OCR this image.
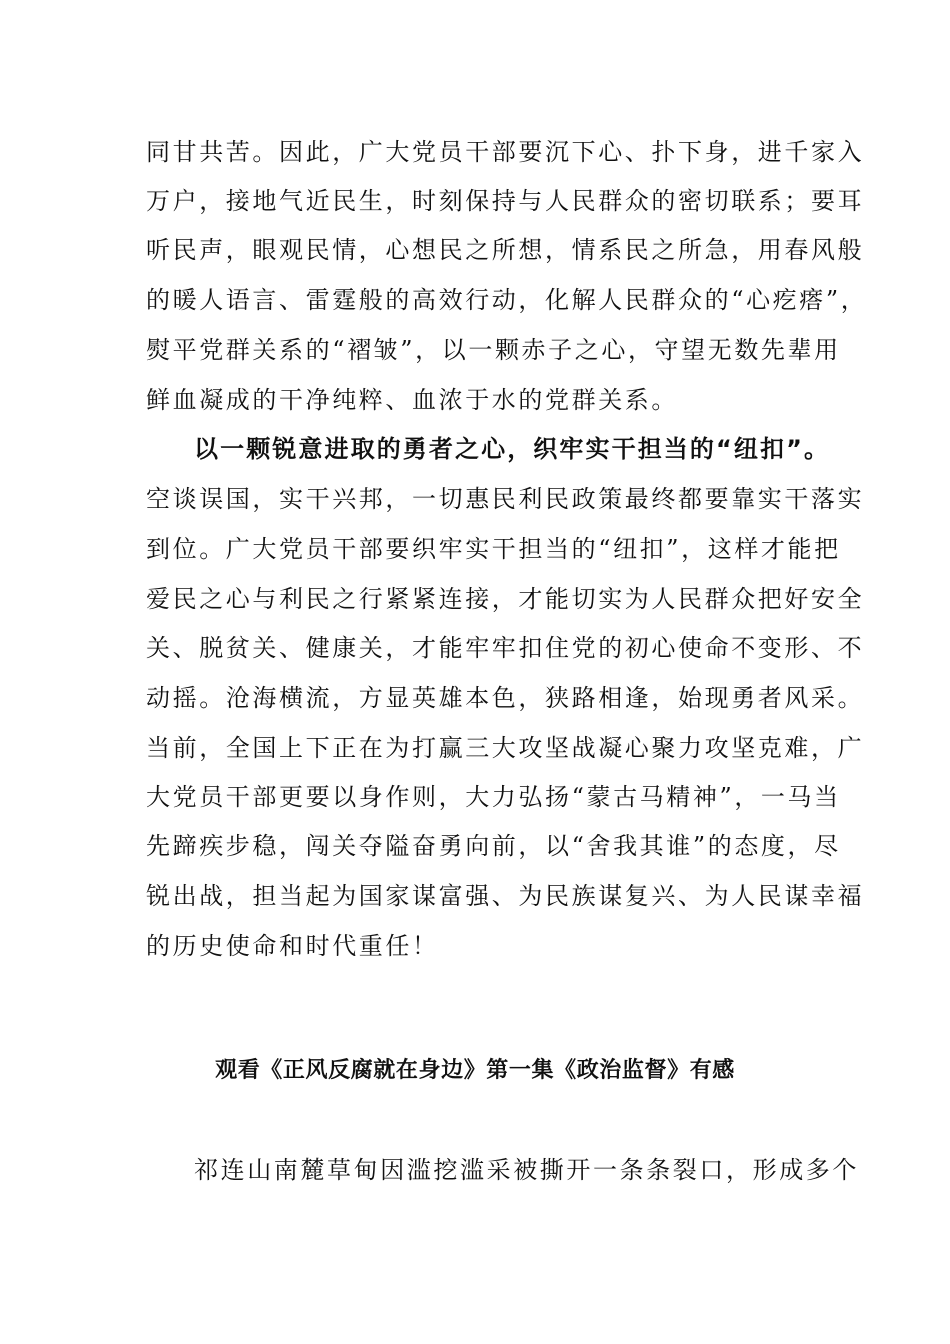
同甘共苦。因此，广大党员干部要沉下心、扑下身，进千家入
万户，接地气近民生，时刻保持与人民群众的密切联系；要耳
听民声，眼观民情，心想民之所想，情系民之所急，用春风般
的暖人语言、雷霆般的高效行动，化解人民群众的“心疙瘩”，
熨平党群关系的“褶皱”，以一颗赤子之心，守望无数先辈用
鲜血凝成的干净纯粹、血浓于水的党群关系。
以一颗锐意进取的勇者之心，织牢实干担当的“纽扣”。
空谈误国，实干兴邦，一切惠民利民政策最终都要靠实干落实
到位。广大党员干部要织牢实干担当的“纽扣”，这样才能把
爱民之心与利民之行紧紧连接，才能切实为人民群众把好安全
关、脱贫关、健康关，才能牢牢扣住党的初心使命不变形、不
动摇。沧海横流，方显英雄本色，狭路相逢，始现勇者风采。
当前，全国上下正在为打赢三大攻坚战凝心聚力攻坚克难，广
大党员干部更要以身作则，大力弘扬“蒙古马精神”，一马当
先蹄疾步稳，闯关夺隘奋勇向前，以“舍我其谁”的态度，尽
锐出战，担当起为国家谋富强、为民族谋复兴、为人民谋幸福
的历史使命和时代重任！
观看《正风反腐就在身边》第一集《政治监督》有感
祁连山南麓草甸因滥挖滥采被撕开一条条裂口，形成多个
